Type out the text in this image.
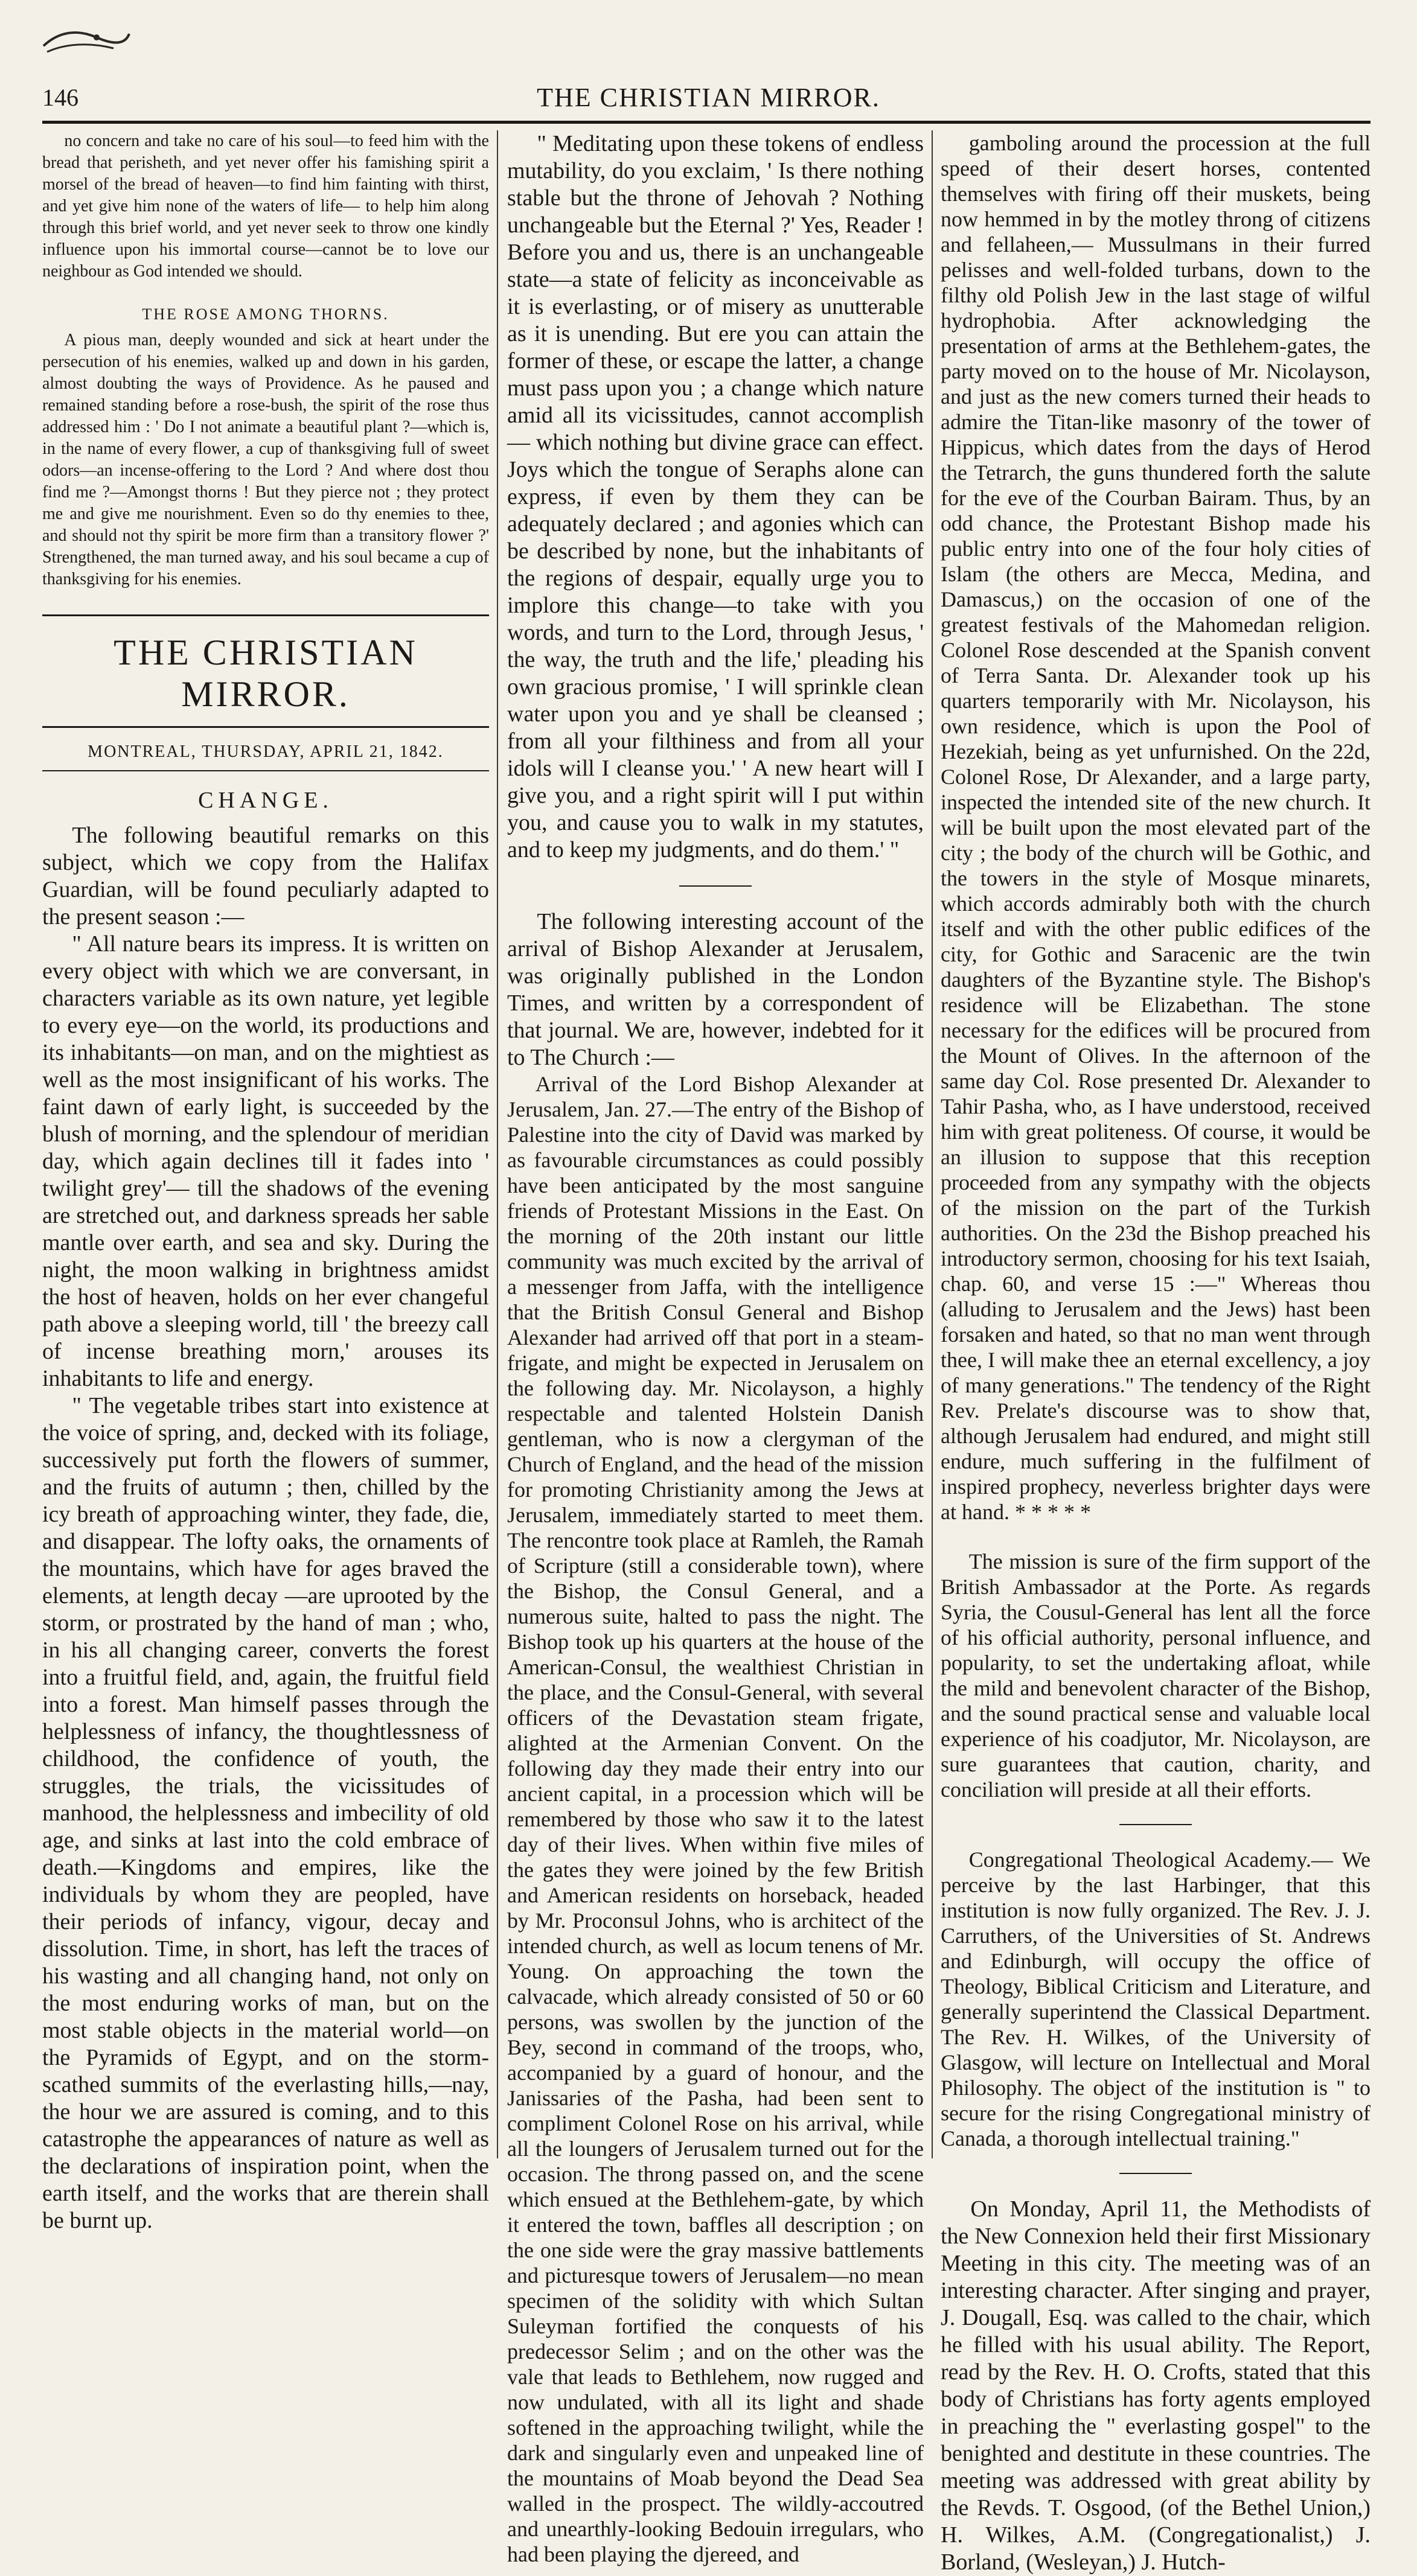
146	THE CHRISTIAN MIRROR.

no concern and take no care of his soul—to feed him with the bread that perisheth, and yet never offer his famishing spirit a morsel of the bread of heaven—to find him fainting with thirst, and yet give him none of the waters of life— to help him along through this brief world, and yet never seek to throw one kindly influence upon his immortal course—cannot be to love our neighbour as God intended we should.

THE ROSE AMONG THORNS.

A pious man, deeply wounded and sick at heart under the persecution of his enemies, walked up and down in his garden, almost doubting the ways of Providence. As he paused and remained standing before a rose-bush, the spirit of the rose thus addressed him : ' Do I not animate a beautiful plant ?—which is, in the name of every flower, a cup of thanksgiving full of sweet odors—an incense-offering to the Lord ? And where dost thou find me ?—Amongst thorns ! But they pierce not ; they protect me and give me nourishment. Even so do thy enemies to thee, and should not thy spirit be more firm than a transitory flower ?' Strengthened, the man turned away, and his soul became a cup of thanksgiving for his enemies.

THE CHRISTIAN MIRROR.
MONTREAL, THURSDAY, APRIL 21, 1842.
CHANGE.

The following beautiful remarks on this subject, which we copy from the Halifax Guardian, will be found peculiarly adapted to the present season :—

" All nature bears its impress. It is written on every object with which we are conversant, in characters variable as its own nature, yet legible to every eye—on the world, its productions and its inhabitants—on man, and on the mightiest as well as the most insignificant of his works. The faint dawn of early light, is succeeded by the blush of morning, and the splendour of meridian day, which again declines till it fades into ' twilight grey'— till the shadows of the evening are stretched out, and darkness spreads her sable mantle over earth, and sea and sky. During the night, the moon walking in brightness amidst the host of heaven, holds on her ever changeful path above a sleeping world, till ' the breezy call of incense breathing morn,' arouses its inhabitants to life and energy.

" The vegetable tribes start into existence at the voice of spring, and, decked with its foliage, successively put forth the flowers of summer, and the fruits of autumn ; then, chilled by the icy breath of approaching winter, they fade, die, and disappear. The lofty oaks, the ornaments of the mountains, which have for ages braved the elements, at length decay —are uprooted by the storm, or prostrated by the hand of man ; who, in his all changing career, converts the forest into a fruitful field, and, again, the fruitful field into a forest. Man himself passes through the helplessness of infancy, the thoughtlessness of childhood, the confidence of youth, the struggles, the trials, the vicissitudes of manhood, the helplessness and imbecility of old age, and sinks at last into the cold embrace of death.—Kingdoms and empires, like the individuals by whom they are peopled, have their periods of infancy, vigour, decay and dissolution. Time, in short, has left the traces of his wasting and all changing hand, not only on the most enduring works of man, but on the most stable objects in the material world—on the Pyramids of Egypt, and on the storm-scathed summits of the everlasting hills,—nay, the hour we are assured is coming, and to this catastrophe the appearances of nature as well as the declarations of inspiration point, when the earth itself, and the works that are therein shall be burnt up.

" Meditating upon these tokens of endless mutability, do you exclaim, ' Is there nothing stable but the throne of Jehovah ? Nothing unchangeable but the Eternal ?' Yes, Reader ! Before you and us, there is an unchangeable state—a state of felicity as inconceivable as it is everlasting, or of misery as unutterable as it is unending. But ere you can attain the former of these, or escape the latter, a change must pass upon you ; a change which nature amid all its vicissitudes, cannot accomplish— which nothing but divine grace can effect. Joys which the tongue of Seraphs alone can express, if even by them they can be adequately declared ; and agonies which can be described by none, but the inhabitants of the regions of despair, equally urge you to implore this change—to take with you words, and turn to the Lord, through Jesus, ' the way, the truth and the life,' pleading his own gracious promise, ' I will sprinkle clean water upon you and ye shall be cleansed ; from all your filthiness and from all your idols will I cleanse you.' ' A new heart will I give you, and a right spirit will I put within you, and cause you to walk in my statutes, and to keep my judgments, and do them.' "

The following interesting account of the arrival of Bishop Alexander at Jerusalem, was originally published in the London Times, and written by a correspondent of that journal. We are, however, indebted for it to The Church :—

Arrival of the Lord Bishop Alexander at Jerusalem, Jan. 27.—The entry of the Bishop of Palestine into the city of David was marked by as favourable circumstances as could possibly have been anticipated by the most sanguine friends of Protestant Missions in the East. On the morning of the 20th instant our little community was much excited by the arrival of a messenger from Jaffa, with the intelligence that the British Consul General and Bishop Alexander had arrived off that port in a steam-frigate, and might be expected in Jerusalem on the following day. Mr. Nicolayson, a highly respectable and talented Holstein Danish gentleman, who is now a clergyman of the Church of England, and the head of the mission for promoting Christianity among the Jews at Jerusalem, immediately started to meet them. The rencontre took place at Ramleh, the Ramah of Scripture (still a considerable town), where the Bishop, the Consul General, and a numerous suite, halted to pass the night. The Bishop took up his quarters at the house of the American-Consul, the wealthiest Christian in the place, and the Consul-General, with several officers of the Devastation steam frigate, alighted at the Armenian Convent. On the following day they made their entry into our ancient capital, in a procession which will be remembered by those who saw it to the latest day of their lives. When within five miles of the gates they were joined by the few British and American residents on horseback, headed by Mr. Proconsul Johns, who is architect of the intended church, as well as locum tenens of Mr. Young. On approaching the town the calvacade, which already consisted of 50 or 60 persons, was swollen by the junction of the Bey, second in command of the troops, who, accompanied by a guard of honour, and the Janissaries of the Pasha, had been sent to compliment Colonel Rose on his arrival, while all the loungers of Jerusalem turned out for the occasion. The throng passed on, and the scene which ensued at the Bethlehem-gate, by which it entered the town, baffles all description ; on the one side were the gray massive battlements and picturesque towers of Jerusalem—no mean specimen of the solidity with which Sultan Suleyman fortified the conquests of his predecessor Selim ; and on the other was the vale that leads to Bethlehem, now rugged and now undulated, with all its light and shade softened in the approaching twilight, while the dark and singularly even and unpeaked line of the mountains of Moab beyond the Dead Sea walled in the prospect. The wildly-accoutred and unearthly-looking Bedouin irregulars, who had been playing the djereed, and

gamboling around the procession at the full speed of their desert horses, contented themselves with firing off their muskets, being now hemmed in by the motley throng of citizens and fellaheen,— Mussulmans in their furred pelisses and well-folded turbans, down to the filthy old Polish Jew in the last stage of wilful hydrophobia. After acknowledging the presentation of arms at the Bethlehem-gates, the party moved on to the house of Mr. Nicolayson, and just as the new comers turned their heads to admire the Titan-like masonry of the tower of Hippicus, which dates from the days of Herod the Tetrarch, the guns thundered forth the salute for the eve of the Courban Bairam. Thus, by an odd chance, the Protestant Bishop made his public entry into one of the four holy cities of Islam (the others are Mecca, Medina, and Damascus,) on the occasion of one of the greatest festivals of the Mahomedan religion. Colonel Rose descended at the Spanish convent of Terra Santa. Dr. Alexander took up his quarters temporarily with Mr. Nicolayson, his own residence, which is upon the Pool of Hezekiah, being as yet unfurnished. On the 22d, Colonel Rose, Dr Alexander, and a large party, inspected the intended site of the new church. It will be built upon the most elevated part of the city ; the body of the church will be Gothic, and the towers in the style of Mosque minarets, which accords admirably both with the church itself and with the other public edifices of the city, for Gothic and Saracenic are the twin daughters of the Byzantine style. The Bishop's residence will be Elizabethan. The stone necessary for the edifices will be procured from the Mount of Olives. In the afternoon of the same day Col. Rose presented Dr. Alexander to Tahir Pasha, who, as I have understood, received him with great politeness. Of course, it would be an illusion to suppose that this reception proceeded from any sympathy with the objects of the mission on the part of the Turkish authorities. On the 23d the Bishop preached his introductory sermon, choosing for his text Isaiah, chap. 60, and verse 15 :—" Whereas thou (alluding to Jerusalem and the Jews) hast been forsaken and hated, so that no man went through thee, I will make thee an eternal excellency, a joy of many generations." The tendency of the Right Rev. Prelate's discourse was to show that, although Jerusalem had endured, and might still endure, much suffering in the fulfilment of inspired prophecy, neverless brighter days were at hand. * * * * *

The mission is sure of the firm support of the British Ambassador at the Porte. As regards Syria, the Cousul-General has lent all the force of his official authority, personal influence, and popularity, to set the undertaking afloat, while the mild and benevolent character of the Bishop, and the sound practical sense and valuable local experience of his coadjutor, Mr. Nicolayson, are sure guarantees that caution, charity, and conciliation will preside at all their efforts.

Congregational Theological Academy.— We perceive by the last Harbinger, that this institution is now fully organized. The Rev. J. J. Carruthers, of the Universities of St. Andrews and Edinburgh, will occupy the office of Theology, Biblical Criticism and Literature, and generally superintend the Classical Department. The Rev. H. Wilkes, of the University of Glasgow, will lecture on Intellectual and Moral Philosophy. The object of the institution is " to secure for the rising Congregational ministry of Canada, a thorough intellectual training."

On Monday, April 11, the Methodists of the New Connexion held their first Missionary Meeting in this city. The meeting was of an interesting character. After singing and prayer, J. Dougall, Esq. was called to the chair, which he filled with his usual ability. The Report, read by the Rev. H. O. Crofts, stated that this body of Christians has forty agents employed in preaching the " everlasting gospel" to the benighted and destitute in these countries. The meeting was addressed with great ability by the Revds. T. Osgood, (of the Bethel Union,) H. Wilkes, A.M. (Congregationalist,) J. Borland, (Wesleyan,) J. Hutch-
